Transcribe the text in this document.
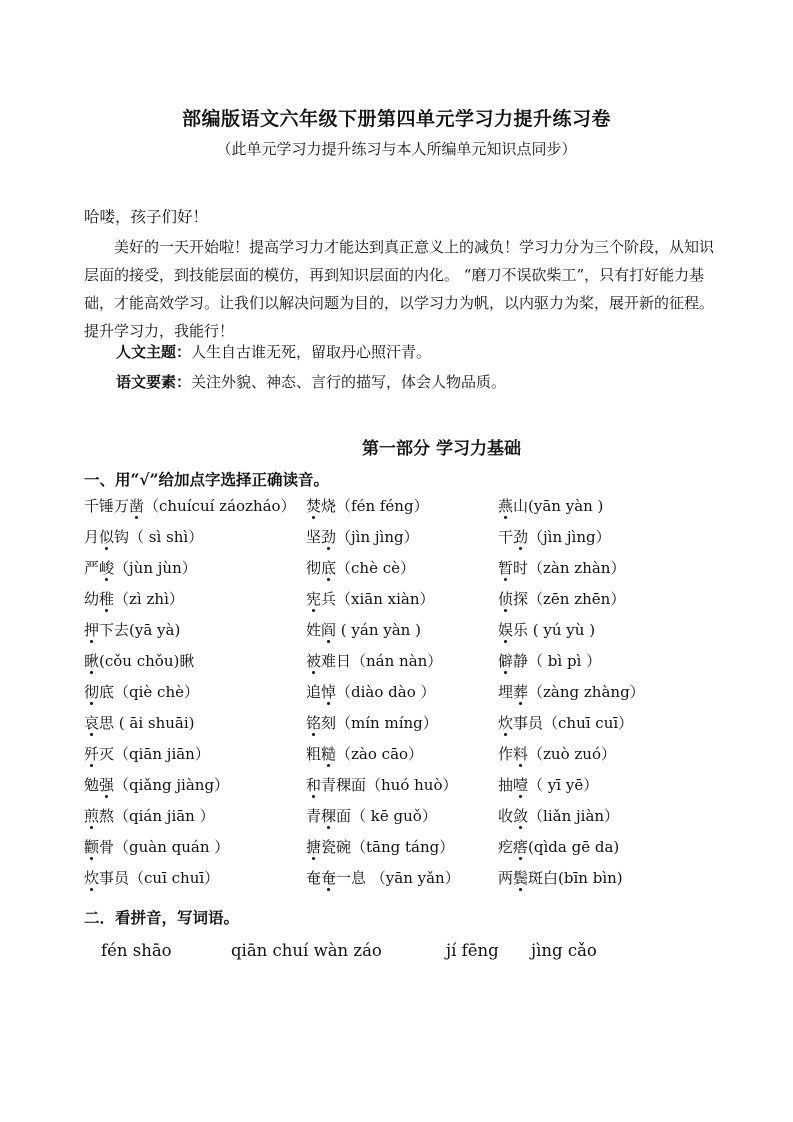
部编版语文六年级下册第四单元学习力提升练习卷
（此单元学习力提升练习与本人所编单元知识点同步）
哈喽，孩子们好！

美好的一天开始啦！提高学习力才能达到真正意义上的减负！学习力分为三个阶段，从知识层面的接受，到技能层面的模仿，再到知识层面的内化。 “磨刀不误砍柴工”，只有打好能力基础，才能高效学习。让我们以解决问题为目的，以学习力为帆，以内驱力为桨，展开新的征程。提升学习力，我能行！

人文主题：人生自古谁无死，留取丹心照汗青。
语文要素：关注外貌、神态、言行的描写，体会人物品质。
第一部分 学习力基础
一、用“√”给加点字选择正确读音。
千锤万凿（chuícuí záozháo） 焚烧（fén féng）	燕山(yān yàn )
月似钩（ sì shì）	坚劲（jìn jìng）	干劲（jìn jìng）
严峻（jùn jùn）	彻底（chè cè）	暂时（zàn zhàn）
幼稚（zì zhì）	宪兵（xiān xiàn）	侦探（zēn zhēn）
押下去(yā yà)	姓阎 ( yán yàn )	娱乐 ( yú yù )
瞅(cǒu chǒu)瞅	被难日（nán nàn）	僻静（ bì pì ）
彻底（qiè chè）	追悼（diào dào ）	埋葬（zàng zhàng）
哀思 ( āi shuāi)	铭刻（mín míng）	炊事员（chuī cuī）
歼灭（qiān jiān）	粗糙（zào cāo）	作料（zuò zuó）
勉强（qiǎng jiàng）	和青稞面（huó huò）	抽噎（ yī yē）
煎熬（qián jiān ）	青稞面（ kē guǒ）	收敛（liǎn jiàn）
颧骨（guàn quán ）	搪瓷碗（tāng táng）	疙瘩(qìda gē da)
炊事员（cuī chuī）	奄奄一息 （yān yǎn）	两鬓斑白(bīn bìn)
二．看拼音，写词语。
fén shāo	qiān chuí wàn záo	jí fēng jìng cǎo
